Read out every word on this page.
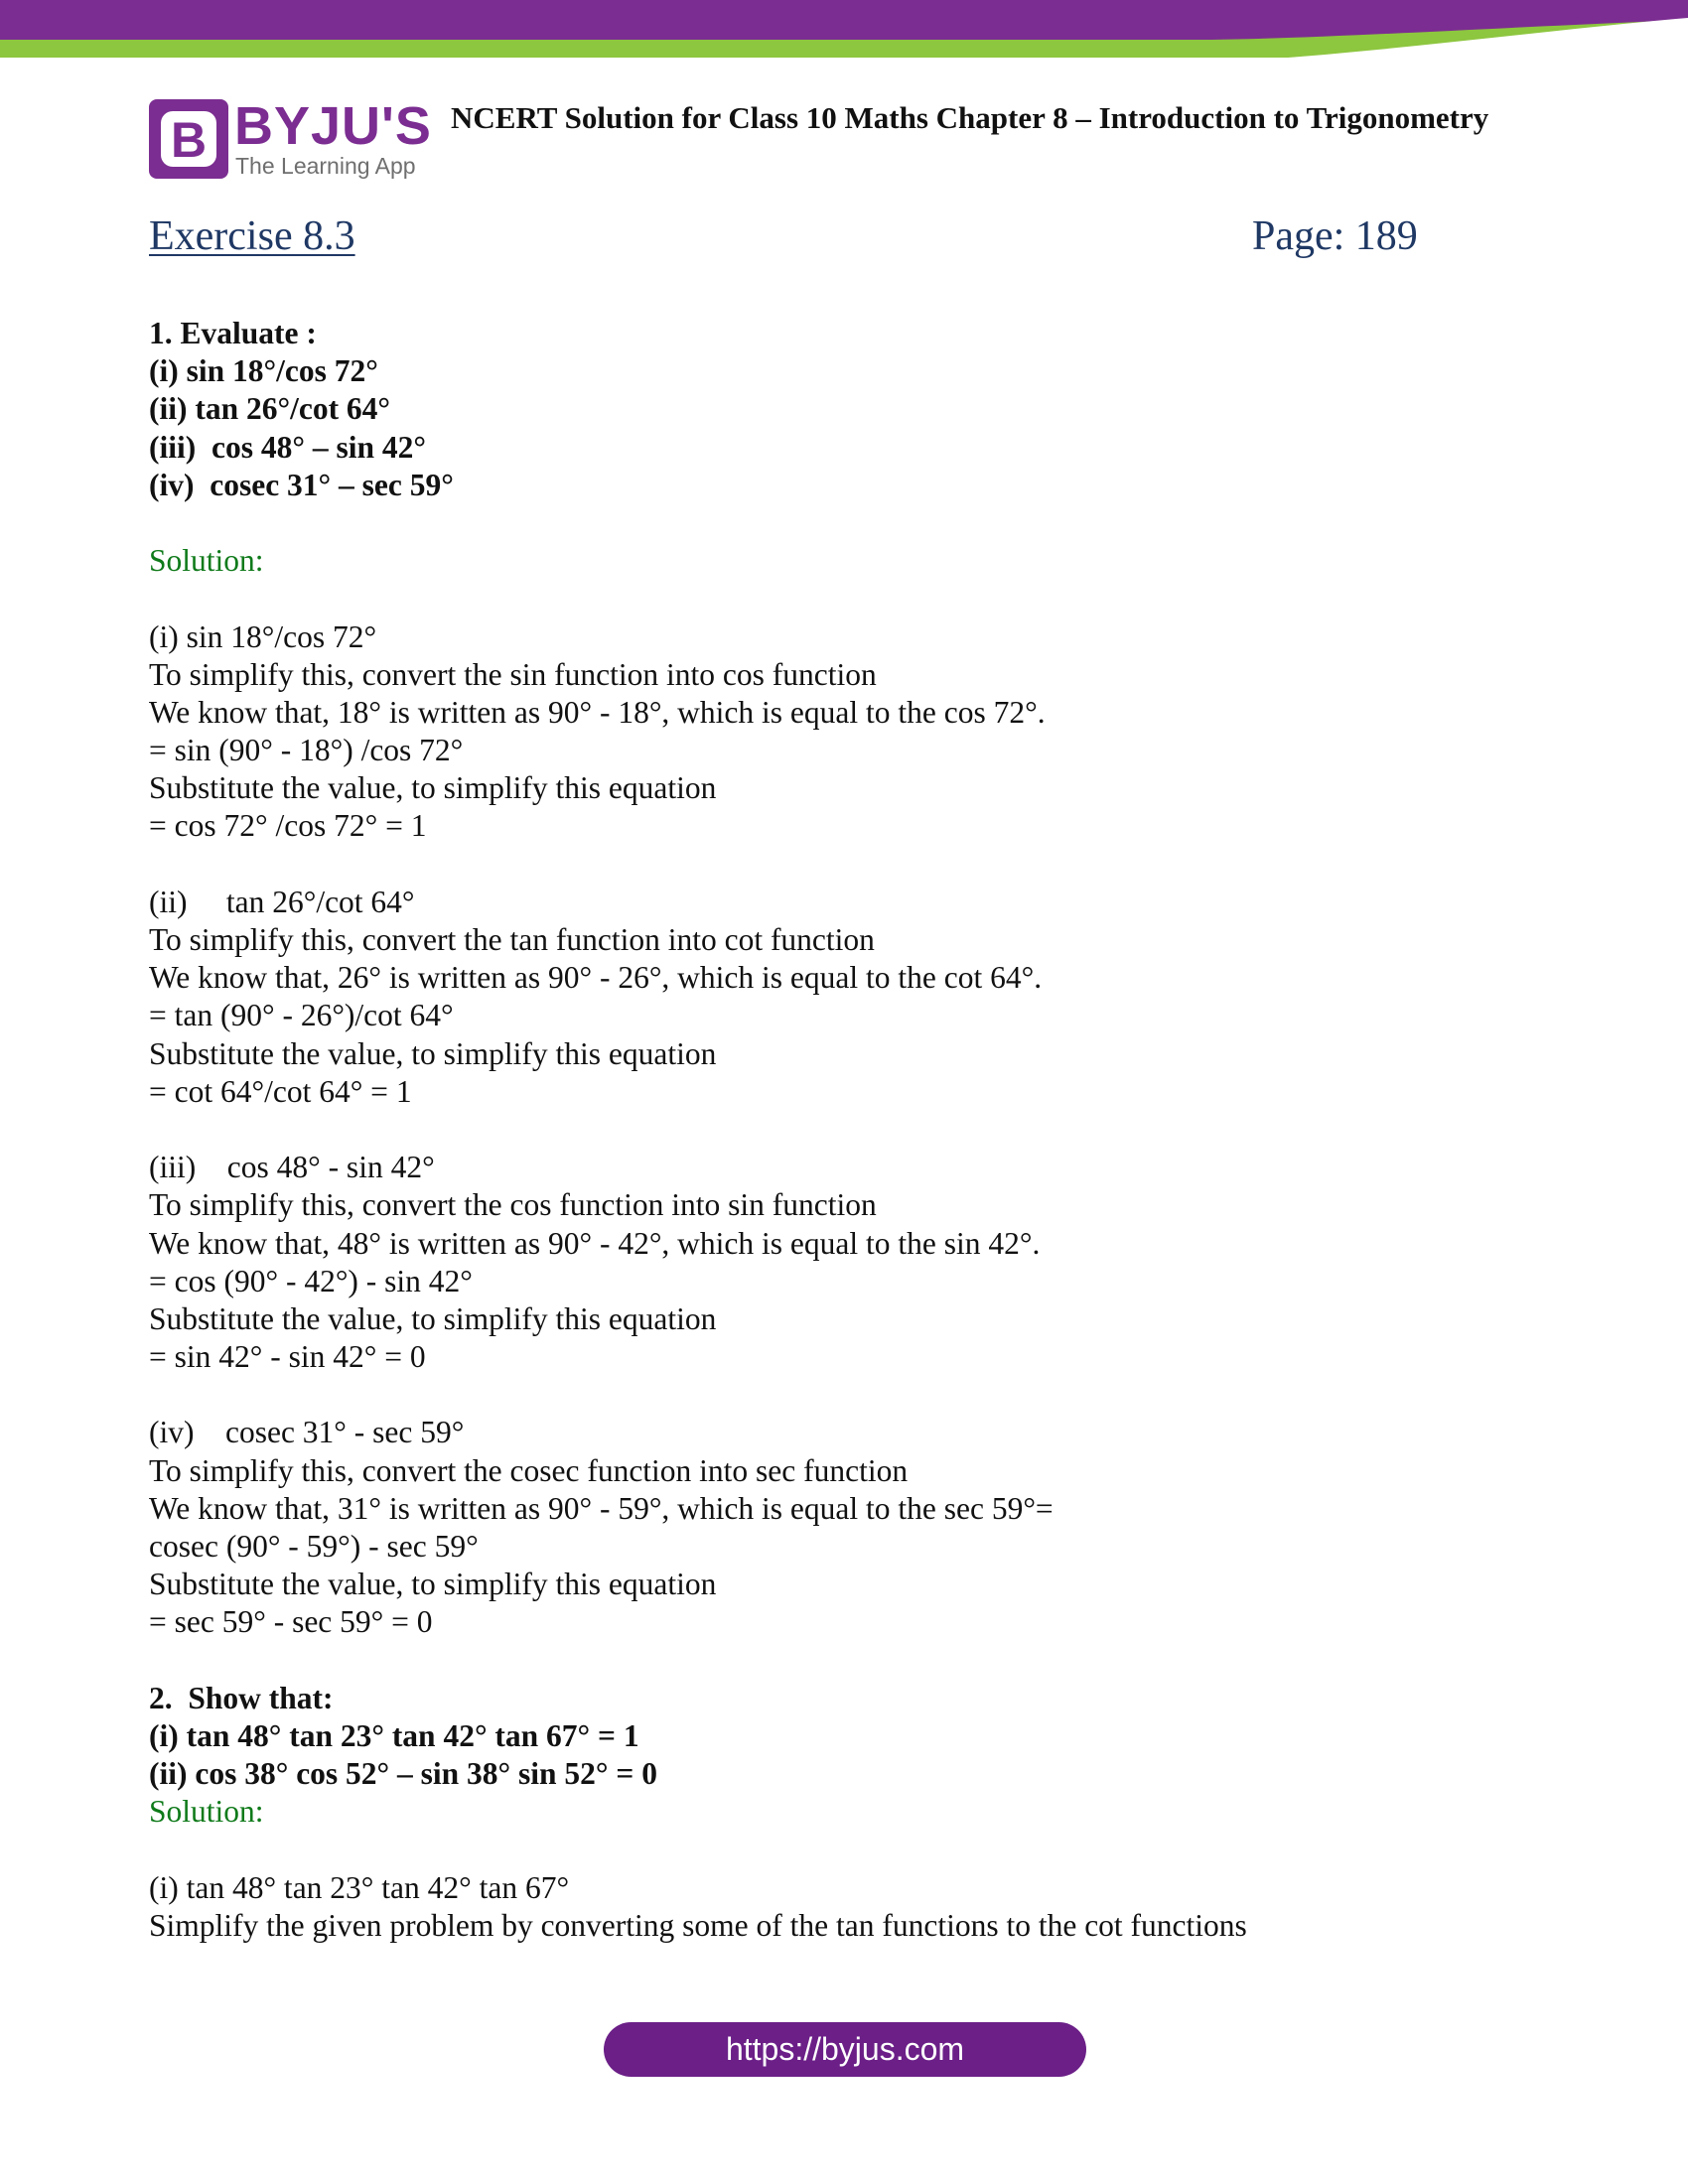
B BYJU'S
The Learning App
NCERT Solution for Class 10 Maths Chapter 8 – Introduction to Trigonometry
Exercise 8.3	Page: 189
1. Evaluate :
(i) sin 18°/cos 72°
(ii) tan 26°/cot 64°
(iii)  cos 48° – sin 42°
(iv)  cosec 31° – sec 59°
Solution:
(i) sin 18°/cos 72°
To simplify this, convert the sin function into cos function
We know that, 18° is written as 90° - 18°, which is equal to the cos 72°.
= sin (90° - 18°) /cos 72°
Substitute the value, to simplify this equation
= cos 72° /cos 72° = 1
(ii)     tan 26°/cot 64°
To simplify this, convert the tan function into cot function
We know that, 26° is written as 90° - 26°, which is equal to the cot 64°.
= tan (90° - 26°)/cot 64°
Substitute the value, to simplify this equation
= cot 64°/cot 64° = 1
(iii)    cos 48° - sin 42°
To simplify this, convert the cos function into sin function
We know that, 48° is written as 90° - 42°, which is equal to the sin 42°.
= cos (90° - 42°) - sin 42°
Substitute the value, to simplify this equation
= sin 42° - sin 42° = 0
(iv)    cosec 31° - sec 59°
To simplify this, convert the cosec function into sec function
We know that, 31° is written as 90° - 59°, which is equal to the sec 59°=
cosec (90° - 59°) - sec 59°
Substitute the value, to simplify this equation
= sec 59° - sec 59° = 0
2.  Show that:
(i) tan 48° tan 23° tan 42° tan 67° = 1
(ii) cos 38° cos 52° – sin 38° sin 52° = 0
Solution:
(i) tan 48° tan 23° tan 42° tan 67°
Simplify the given problem by converting some of the tan functions to the cot functions
https://byjus.com
